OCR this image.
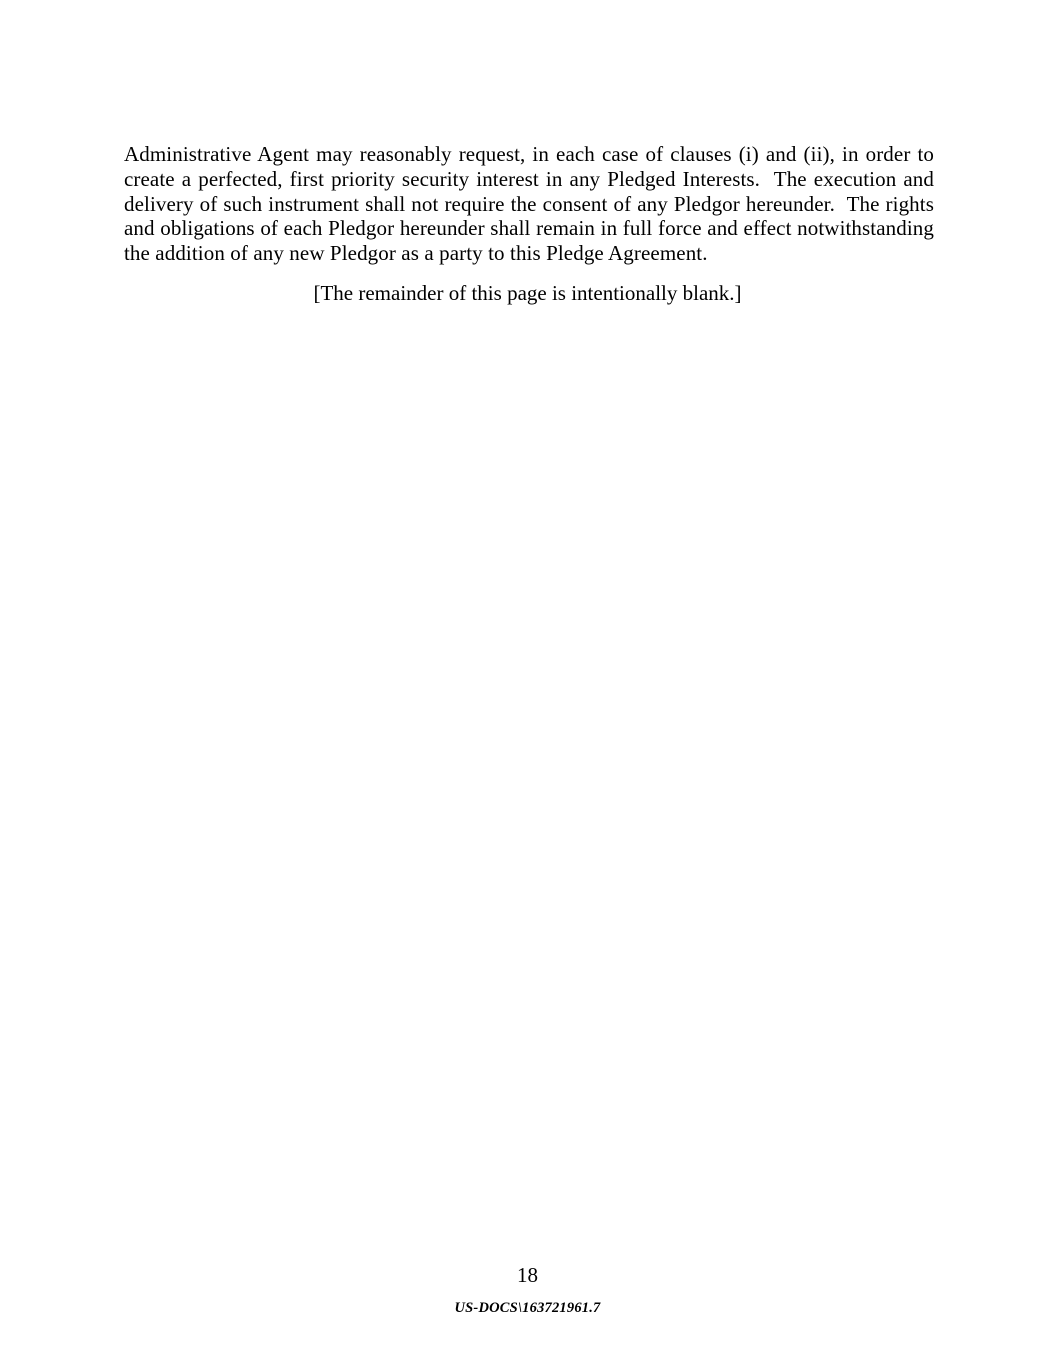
Administrative Agent may reasonably request, in each case of clauses (i) and (ii), in order to create a perfected, first priority security interest in any Pledged Interests.  The execution and delivery of such instrument shall not require the consent of any Pledgor hereunder.  The rights and obligations of each Pledgor hereunder shall remain in full force and effect notwithstanding the addition of any new Pledgor as a party to this Pledge Agreement.

[The remainder of this page is intentionally blank.]

18

US-DOCS\163721961.7
